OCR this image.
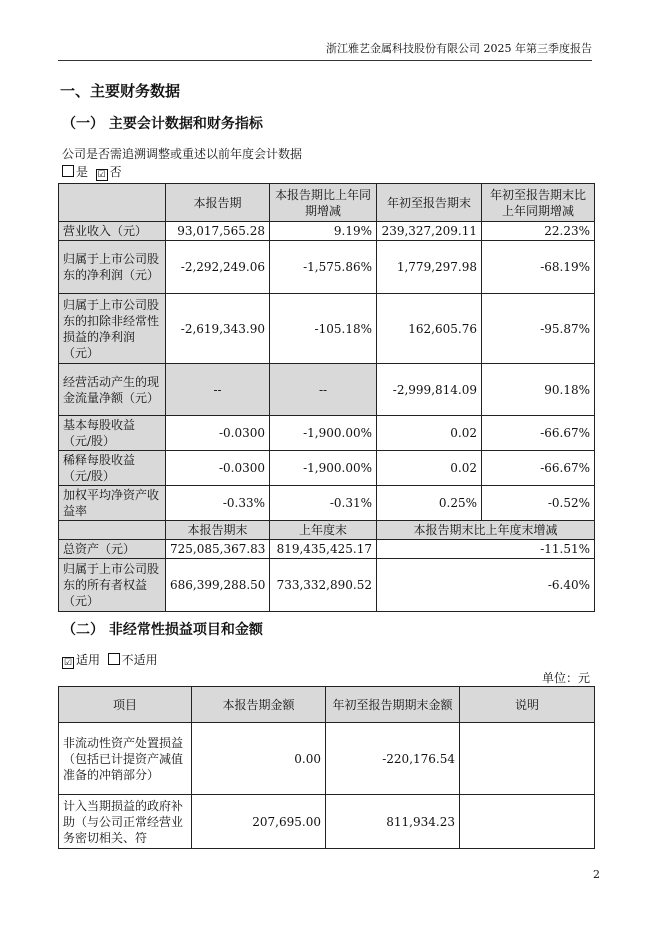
浙江雅艺金属科技股份有限公司 2025 年第三季度报告
一、主要财务数据
（一） 主要会计数据和财务指标
公司是否需追溯调整或重述以前年度会计数据
是 ☑ 否
	本报告期	本报告期比上年同期增减	年初至报告期末	年初至报告期末比上年同期增减
营业收入（元）	93,017,565.28	9.19%	239,327,209.11	22.23%
归属于上市公司股东的净利润（元）	-2,292,249.06	-1,575.86%	1,779,297.98	-68.19%
归属于上市公司股东的扣除非经常性损益的净利润（元）	-2,619,343.90	-105.18%	162,605.76	-95.87%
经营活动产生的现金流量净额（元）	--	--	-2,999,814.09	90.18%
基本每股收益（元/股）	-0.0300	-1,900.00%	0.02	-66.67%
稀释每股收益（元/股）	-0.0300	-1,900.00%	0.02	-66.67%
加权平均净资产收益率	-0.33%	-0.31%	0.25%	-0.52%
	本报告期末	上年度末	本报告期末比上年度末增减	
总资产（元）	725,085,367.83	819,435,425.17	-11.51%	
归属于上市公司股东的所有者权益（元）	686,399,288.50	733,332,890.52	-6.40%	
（二） 非经常性损益项目和金额
☑ 适用 不适用
单位：元
项目	本报告期金额	年初至报告期期末金额	说明
非流动性资产处置损益（包括已计提资产减值准备的冲销部分）	0.00	-220,176.54	
计入当期损益的政府补助（与公司正常经营业务密切相关、符	207,695.00	811,934.23	
2
